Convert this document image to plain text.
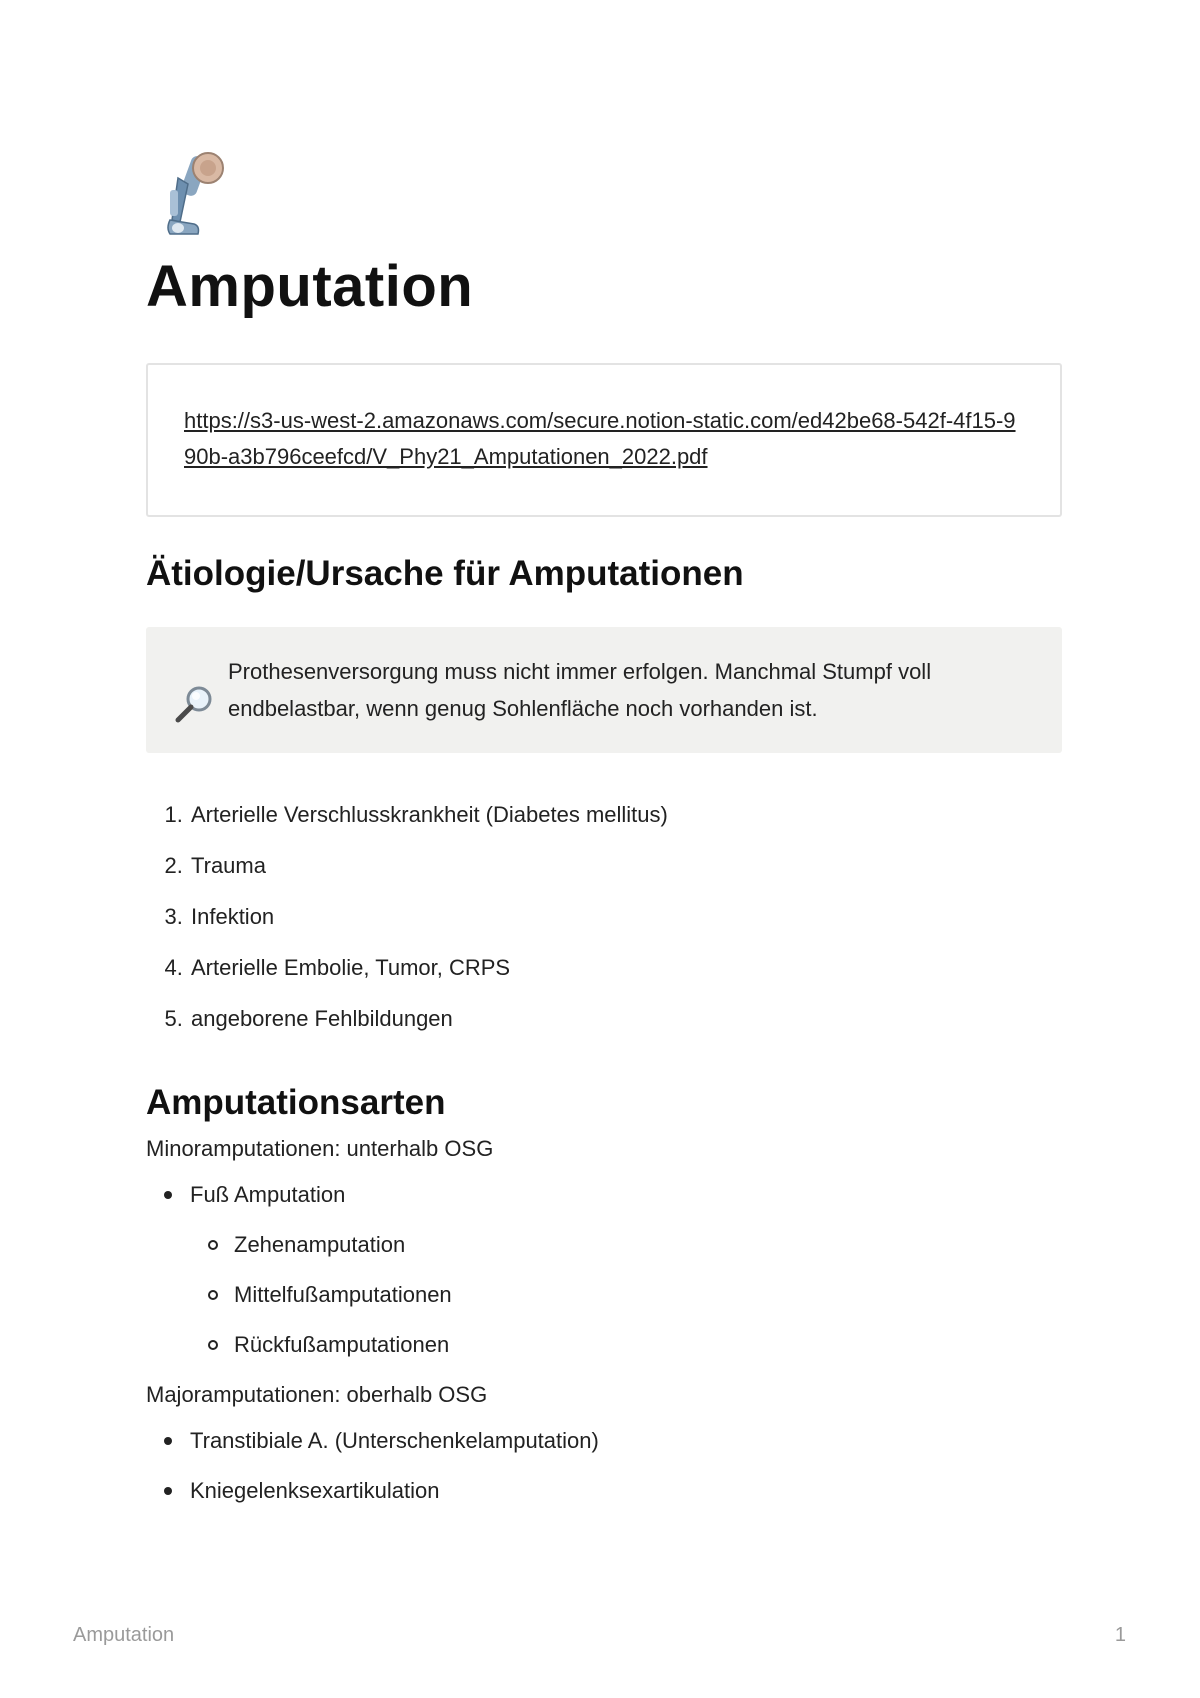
Amputation
https://s3-us-west-2.amazonaws.com/secure.notion-static.com/ed42be68-542f-4f15-990b-a3b796ceefcd/V_Phy21_Amputationen_2022.pdf
Ätiologie/Ursache für Amputationen
Prothesenversorgung muss nicht immer erfolgen. Manchmal Stumpf voll endbelastbar, wenn genug Sohlenfläche noch vorhanden ist.
1. Arterielle Verschlusskrankheit (Diabetes mellitus)
2. Trauma
3. Infektion
4. Arterielle Embolie, Tumor, CRPS
5. angeborene Fehlbildungen
Amputationsarten

Minoramputationen: unterhalb OSG

Fuß Amputation
Zehenamputation
Mittelfußamputationen
Rückfußamputationen

Majoramputationen: oberhalb OSG

Transtibiale A. (Unterschenkelamputation)
Kniegelenksexartikulation
Amputation	1
